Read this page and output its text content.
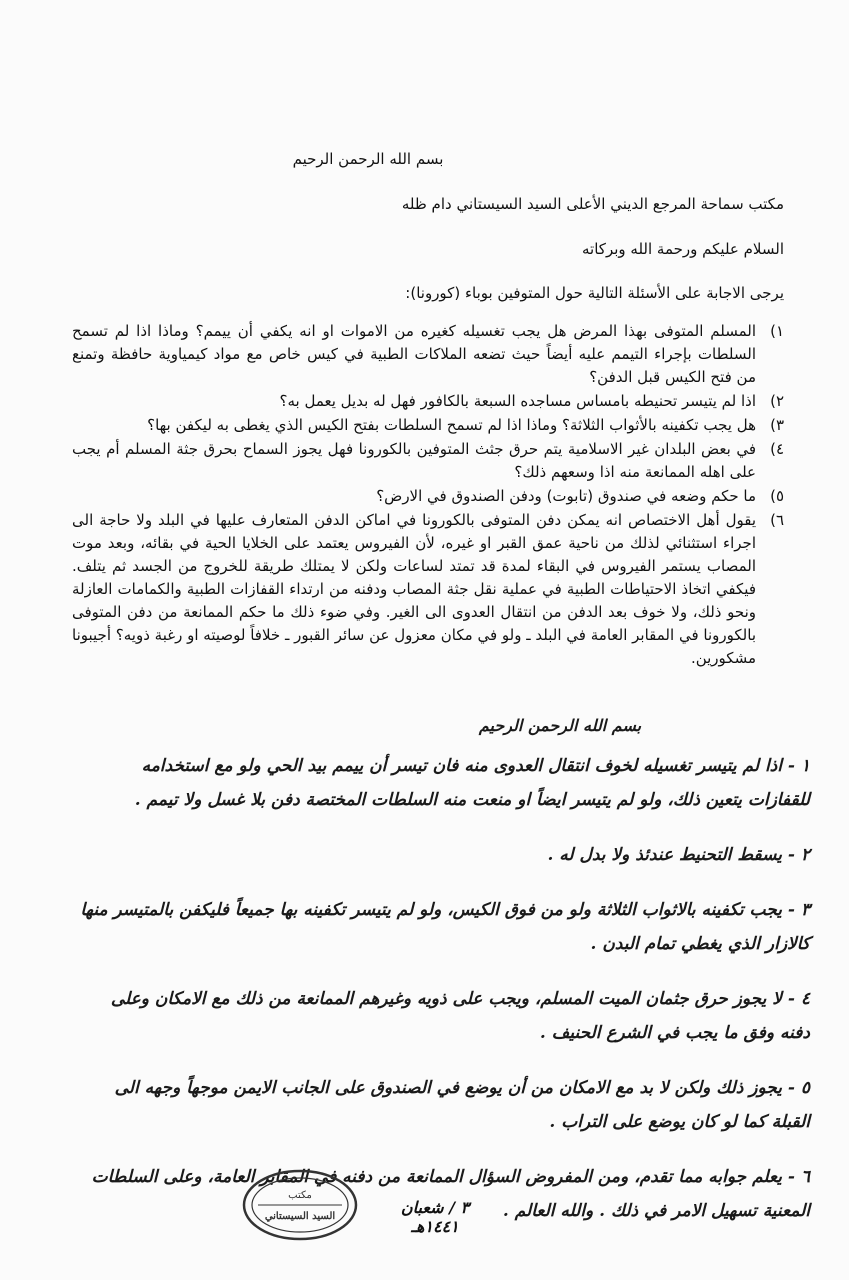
بسم الله الرحمن الرحيم
مكتب سماحة المرجع الديني الأعلى السيد السيستاني دام ظله
السلام عليكم ورحمة الله وبركاته
يرجى الاجابة على الأسئلة التالية حول المتوفين بوباء (كورونا):
١)
المسلم المتوفى بهذا المرض هل يجب تغسيله كغيره من الاموات او انه يكفي أن ييمم؟ وماذا اذا لم تسمح السلطات بإجراء التيمم عليه أيضاً حيث تضعه الملاكات الطبية في كيس خاص مع مواد كيمياوية حافظة وتمنع من فتح الكيس قبل الدفن؟
٢)
اذا لم يتيسر تحنيطه بامساس مساجده السبعة بالكافور فهل له بديل يعمل به؟
٣)
هل يجب تكفينه بالأثواب الثلاثة؟ وماذا اذا لم تسمح السلطات بفتح الكيس الذي يغطى به ليكفن بها؟
٤)
في بعض البلدان غير الاسلامية يتم حرق جثث المتوفين بالكورونا فهل يجوز السماح بحرق جثة المسلم أم يجب على اهله الممانعة منه اذا وسعهم ذلك؟
٥)
ما حكم وضعه في صندوق (تابوت) ودفن الصندوق في الارض؟
٦)
يقول أهل الاختصاص انه يمكن دفن المتوفى بالكورونا في اماكن الدفن المتعارف عليها في البلد ولا حاجة الى اجراء استثنائي لذلك من ناحية عمق القبر او غيره، لأن الفيروس يعتمد على الخلايا الحية في بقائه، وبعد موت المصاب يستمر الفيروس في البقاء لمدة قد تمتد لساعات ولكن لا يمتلك طريقة للخروج من الجسد ثم يتلف. فيكفي اتخاذ الاحتياطات الطبية في عملية نقل جثة المصاب ودفنه من ارتداء القفازات الطبية والكمامات العازلة ونحو ذلك، ولا خوف بعد الدفن من انتقال العدوى الى الغير. وفي ضوء ذلك ما حكم الممانعة من دفن المتوفى بالكورونا في المقابر العامة في البلد ـ ولو في مكان معزول عن سائر القبور ـ خلافاً لوصيته او رغبة ذويه؟ أجيبونا مشكورين.
بسم الله الرحمن الرحيم
١ - اذا لم يتيسر تغسيله لخوف انتقال العدوى منه فان تيسر أن ييمم بيد الحي ولو مع استخدامه للقفازات يتعين ذلك، ولو لم يتيسر ايضاً او منعت منه السلطات المختصة دفن بلا غسل ولا تيمم .
٢ - يسقط التحنيط عندئذ ولا بدل له .
٣ - يجب تكفينه بالاثواب الثلاثة ولو من فوق الكيس، ولو لم يتيسر تكفينه بها جميعاً فليكفن بالمتيسر منها كالازار الذي يغطي تمام البدن .
٤ - لا يجوز حرق جثمان الميت المسلم، ويجب على ذويه وغيرهم الممانعة من ذلك مع الامكان وعلى دفنه وفق ما يجب في الشرع الحنيف .
٥ - يجوز ذلك ولكن لا بد مع الامكان من أن يوضع في الصندوق على الجانب الايمن موجهاً وجهه الى القبلة كما لو كان يوضع على التراب .
٦ - يعلم جوابه مما تقدم، ومن المفروض السؤال الممانعة من دفنه في المقابر العامة، وعلى السلطات المعنية تسهيل الامر في ذلك . والله العالم .
٣ / شعبان ١٤٤١هـ
مكتب
السيد السيستاني
